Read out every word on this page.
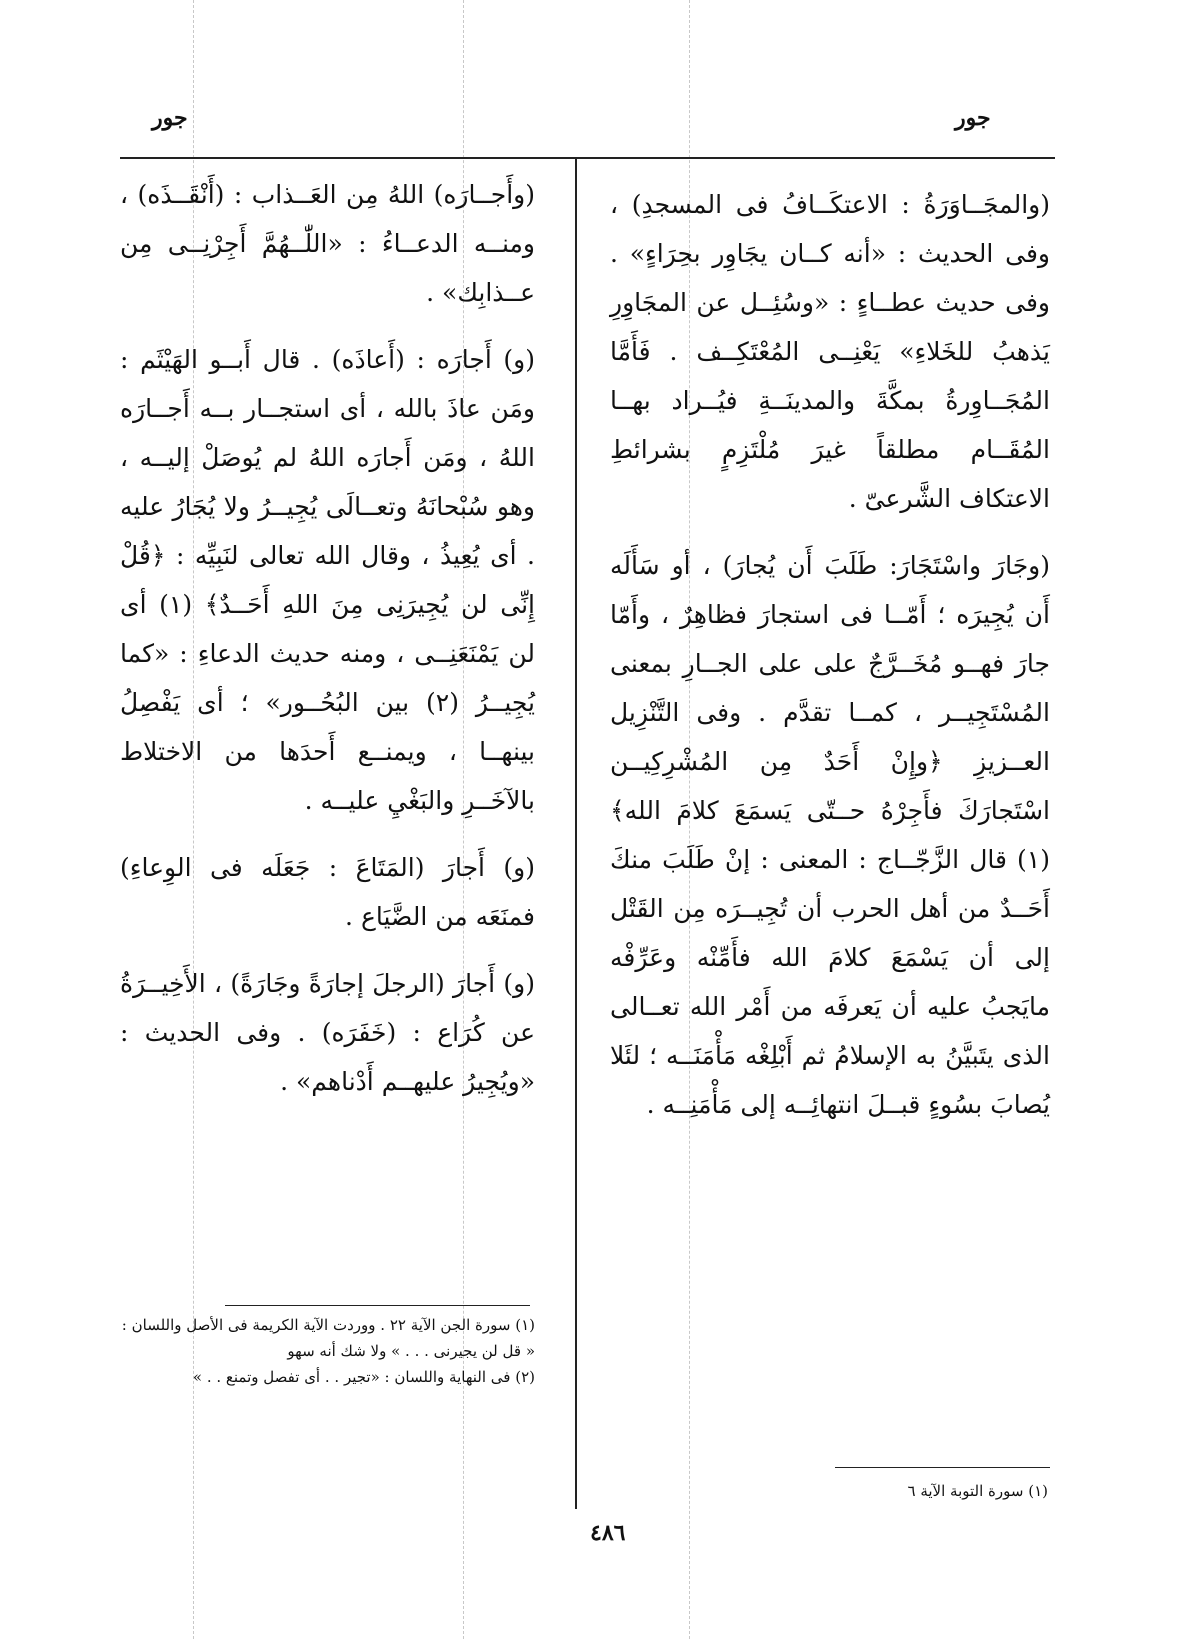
جور	جور

(والمجَــاوَرَةُ : الاعتكَــافُ فى المسجدِ) ، وفى الحديث : «أنه كــان يجَاوِر بحِرَاءٍ» . وفى حديث عطــاءٍ : «وسُئِــل عن المجَاوِرِ يَذهبُ للخَلاءِ» يَعْنِــى المُعْتَكِــف . فَأَمَّا المُجَــاوِرةُ بمكَّةَ والمدينَــةِ فيُــراد بهــا المُقَــام مطلقاً غيرَ مُلْتَزِمٍ بشرائطِ الاعتكاف الشَّرعىّ .

(وجَارَ واسْتَجَارَ: طَلَبَ أَن يُجارَ) ، أو سَأَلَه أَن يُجِيرَه ؛ أَمّــا فى استجارَ فظاهِرٌ ، وأَمّا جارَ فهــو مُخَــرَّجٌ على على الجــارِ بمعنى المُسْتَجِيــر ، كمــا تقدَّم . وفى التَّنْزِيل العــزيزِ ﴿وإِنْ أَحَدٌ مِن المُشْرِكِيــن اسْتَجارَكَ فأَجِرْهُ حــتّى يَسمَعَ كلامَ الله﴾ (١) قال الزَّجّــاج : المعنى : إنْ طَلَبَ منكَ أَحَــدٌ من أهل الحرب أن تُجِيــرَه مِن القَتْل إلى أن يَسْمَعَ كلامَ الله فأَمِّنْه وعَرِّفْه مايَجبُ عليه أن يَعرفَه من أَمْر الله تعــالى الذى يتَبيَّنُ به الإسلامُ ثم أَبْلِغْه مَأْمَنَــه ؛ لئَلا يُصابَ بسُوءٍ قبــلَ انتهائِــه إلى مَأْمَنِــه .

(وأَجــارَه) اللهُ مِن العَــذاب : (أَنْقَــذَه) ، ومنــه الدعــاءُ : «اللّٰــهُمَّ أَجِرْنِــى مِن عــذابِك» .

(و) أَجارَه : (أَعاذَه) . قال أَبــو الهَيْثَم : ومَن عاذَ بالله ، أى استجــار بــه أَجــارَه اللهُ ، ومَن أَجارَه اللهُ لم يُوصَلْ إليــه ، وهو سُبْحانَهُ وتعــالَى يُجِيــرُ ولا يُجَارُ عليه . أى يُعِيذُ ، وقال الله تعالى لنَبِيِّه : ﴿قُلْ إِنِّى لن يُجِيرَنِى مِنَ اللهِ أَحَــدٌ﴾ (١) أى لن يَمْنَعَنِــى ، ومنه حديث الدعاءِ : «كما يُجِيــرُ (٢) بين البُحُــور» ؛ أى يَفْصِلُ بينهــا ، ويمنــع أَحدَها من الاختلاط بالآخَــرِ والبَغْيِ عليــه .

(و) أَجارَ (المَتَاعَ : جَعَلَه فى الوِعاءِ) فمنَعَه من الضَّيَاع .

(و) أَجارَ (الرجلَ إجارَةً وجَارَةً) ، الأَخِيــرَةُ عن كُرَاع : (خَفَرَه) . وفى الحديث : «ويُجِيرُ عليهــم أَدْناهم» .

(١) سورة الجن الآية ٢٢ . ووردت الآية الكريمة فى الأصل واللسان : « قل لن يجيرنى . . . » ولا شك أنه سهو
(٢) فى النهاية واللسان : «تجير . . أى تفصل وتمنع . . »
(١) سورة التوبة الآية ٦
٤٨٦
